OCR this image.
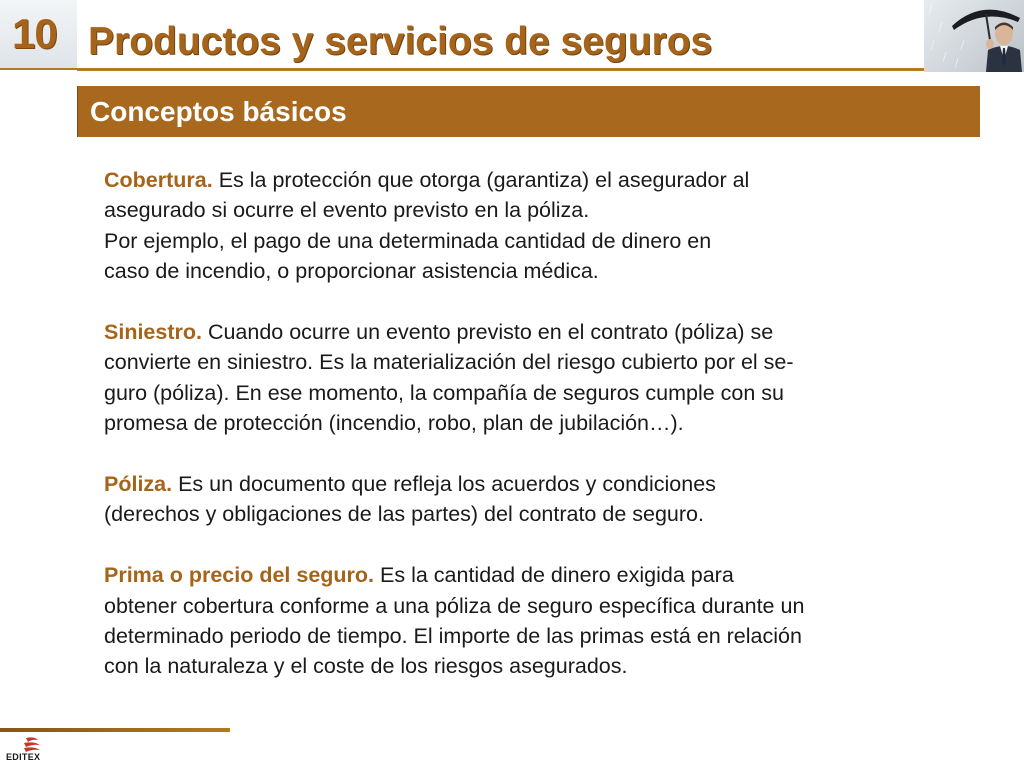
10 Productos y servicios de seguros
Conceptos básicos

Cobertura. Es la protección que otorga (garantiza) el asegurador al
asegurado si ocurre el evento previsto en la póliza.
Por ejemplo, el pago de una determinada cantidad de dinero en
caso de incendio, o proporcionar asistencia médica.

Siniestro. Cuando ocurre un evento previsto en el contrato (póliza) se
convierte en siniestro. Es la materialización del riesgo cubierto por el se-
guro (póliza). En ese momento, la compañía de seguros cumple con su
promesa de protección (incendio, robo, plan de jubilación…).

Póliza. Es un documento que refleja los acuerdos y condiciones
(derechos y obligaciones de las partes) del contrato de seguro.

Prima o precio del seguro. Es la cantidad de dinero exigida para
obtener cobertura conforme a una póliza de seguro específica durante un
determinado periodo de tiempo. El importe de las primas está en relación
con la naturaleza y el coste de los riesgos asegurados.

EDITEX
